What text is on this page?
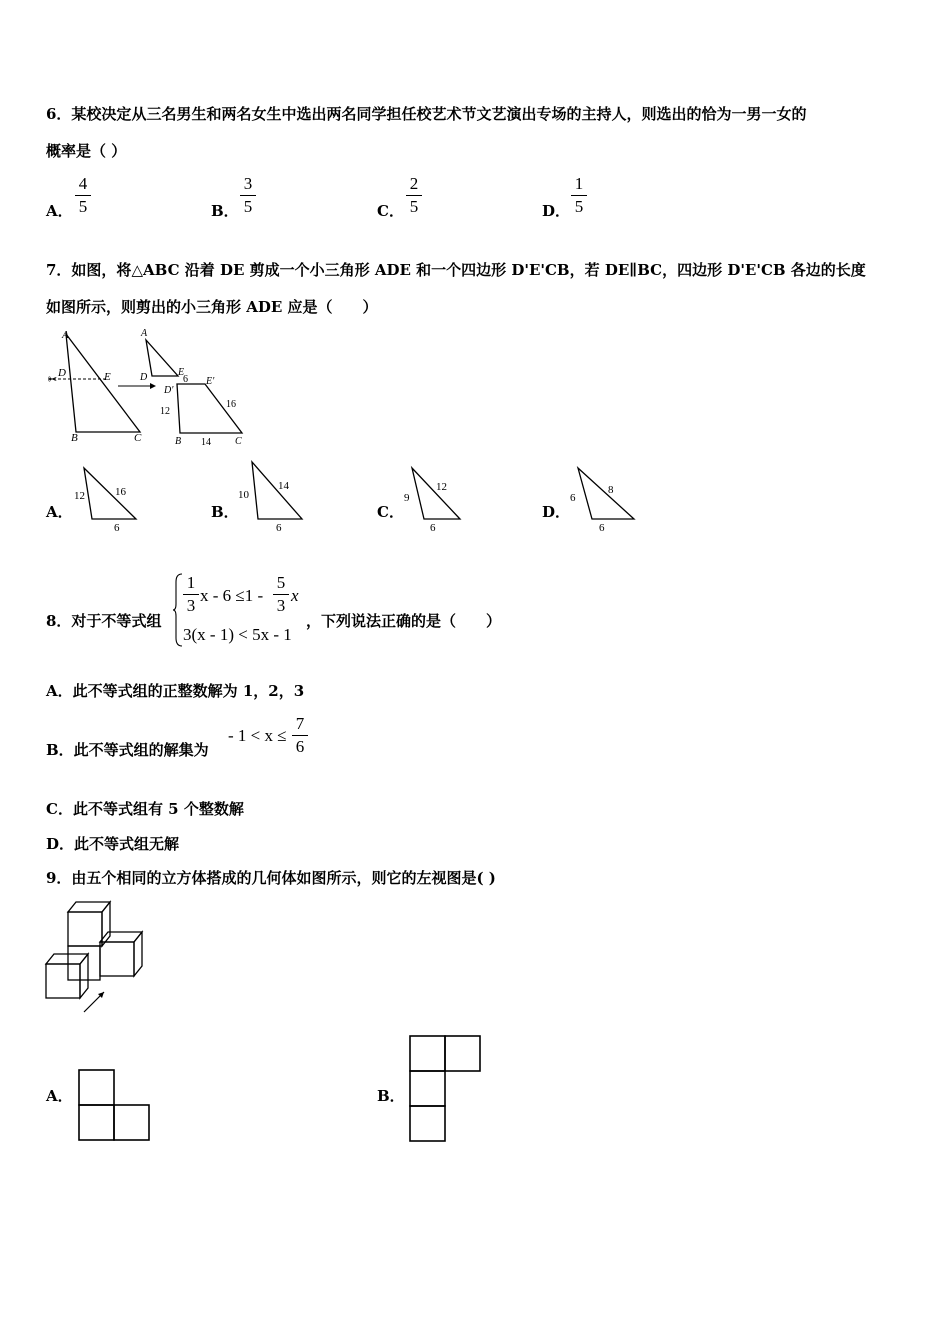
6．某校决定从三名男生和两名女生中选出两名同学担任校艺术节文艺演出专场的主持人，则选出的恰为一男一女的
概率是（ ）
A．
4
5	B．
3
5	C．
2
5	D．
1
5
7．如图，将△ABC 沿着 DE 剪成一个小三角形 ADE 和一个四边形 D'E'CB，若 DE∥BC，四边形 D'E'CB 各边的长度
如图所示，则剪出的小三角形 ADE 应是（　　）
✂
A
D	E
B	C
A
D	E
D'
E'
6
12
16
B 14 C
A．
12	16
6
B．
10
14
6
C．
9
12
6
D．
6
8
6
8．对于不等式组
1
3
x - 6 ≤1 -
5
3
x
3(x - 1) < 5x - 1
，下列说法正确的是（　　）
A．此不等式组的正整数解为 1，2，3
B．此不等式组的解集为
- 1 < x ≤
7
6
C．此不等式组有 5 个整数解
D．此不等式组无解
9．由五个相同的立方体搭成的几何体如图所示，则它的左视图是( )
A．	B．
